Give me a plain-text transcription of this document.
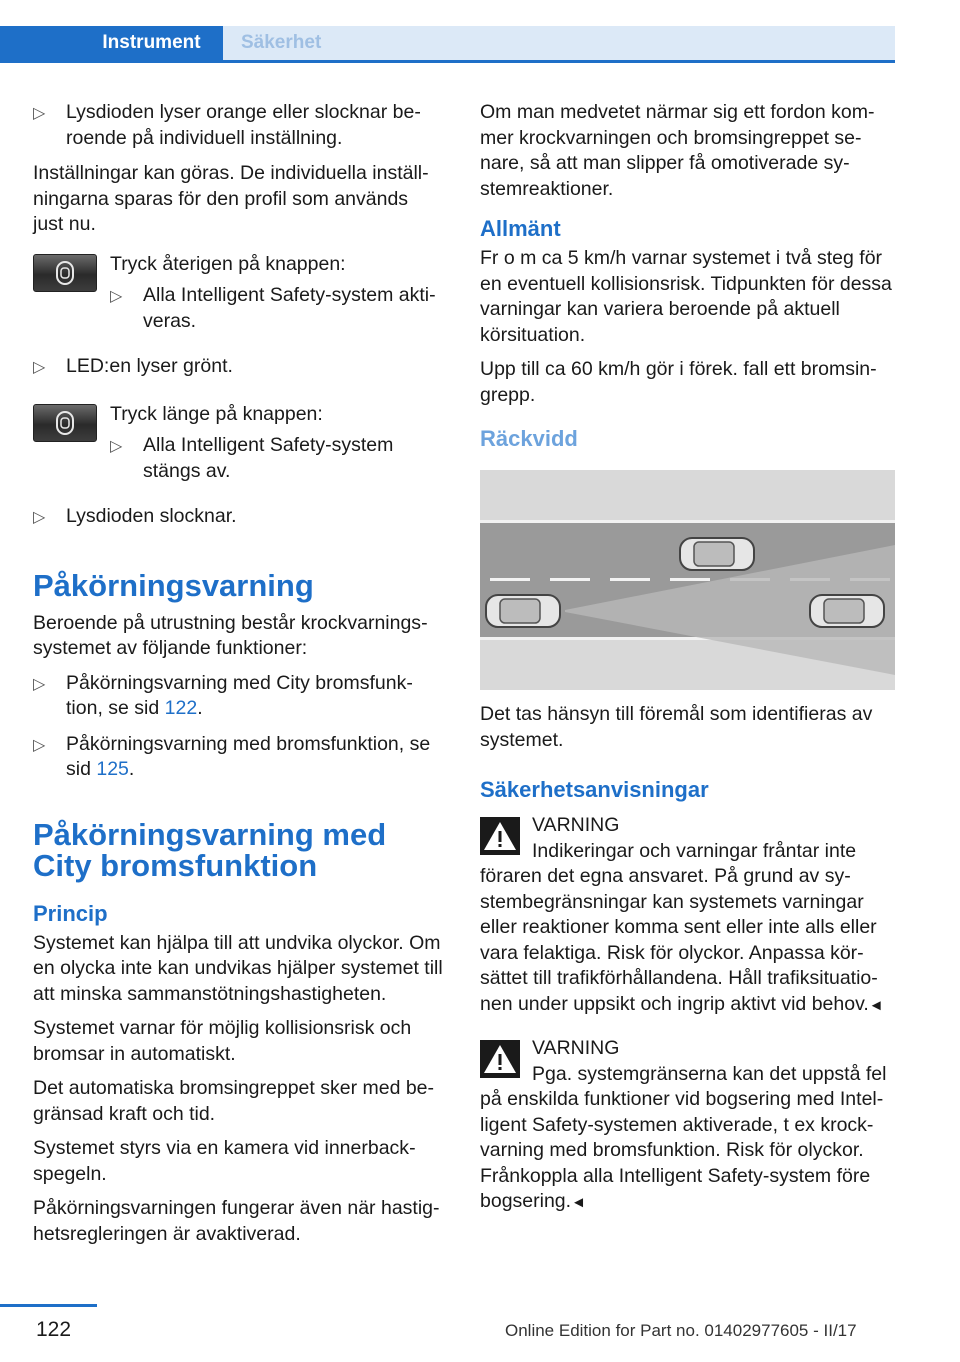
Instrument	Säkerhet
▷ Lysdioden lyser orange eller slocknar beroende på individuell inställning.

Inställningar kan göras. De individuella inställningarna sparas för den profil som används just nu.

Tryck återigen på knappen:
▷ Alla Intelligent Safety-system aktiveras.
▷ LED:en lyser grönt.
Tryck länge på knappen:
▷ Alla Intelligent Safety-system stängs av.
▷ Lysdioden slocknar.
Påkörningsvarning

Beroende på utrustning består krockvarningssystemet av följande funktioner:

▷ Påkörningsvarning med City bromsfunktion, se sid 122.
▷ Påkörningsvarning med bromsfunktion, se sid 125.
Påkörningsvarning med City bromsfunktion
Princip

Systemet kan hjälpa till att undvika olyckor. Om en olycka inte kan undvikas hjälper systemet till att minska sammanstötningshastigheten.

Systemet varnar för möjlig kollisionsrisk och bromsar in automatiskt.

Det automatiska bromsingreppet sker med begränsad kraft och tid.

Systemet styrs via en kamera vid innerbackspegeln.

Påkörningsvarningen fungerar även när hastighetsregleringen är avaktiverad.

Om man medvetet närmar sig ett fordon kommer krockvarningen och bromsingreppet senare, så att man slipper få omotiverade systemreaktioner.

Allmänt

Fr o m ca 5 km/h varnar systemet i två steg för en eventuell kollisionsrisk. Tidpunkten för dessa varningar kan variera beroende på aktuell körsituation.

Upp till ca 60 km/h gör i förek. fall ett bromsingrepp.

Räckvidd

Det tas hänsyn till föremål som identifieras av systemet.

Säkerhetsanvisningar
VARNING
Indikeringar och varningar fråntar inte föraren det egna ansvaret. På grund av systembegränsningar kan systemets varningar eller reaktioner komma sent eller inte alls eller vara felaktiga. Risk för olyckor. Anpassa körsättet till trafikförhållandena. Håll trafiksituationen under uppsikt och ingrip aktivt vid behov.◄
VARNING
Pga. systemgränserna kan det uppstå fel på enskilda funktioner vid bogsering med Intelligent Safety-systemen aktiverade, t ex krockvarning med bromsfunktion. Risk för olyckor. Frånkoppla alla Intelligent Safety-system före bogsering.◄
122	Online Edition for Part no. 01402977605 - II/17
